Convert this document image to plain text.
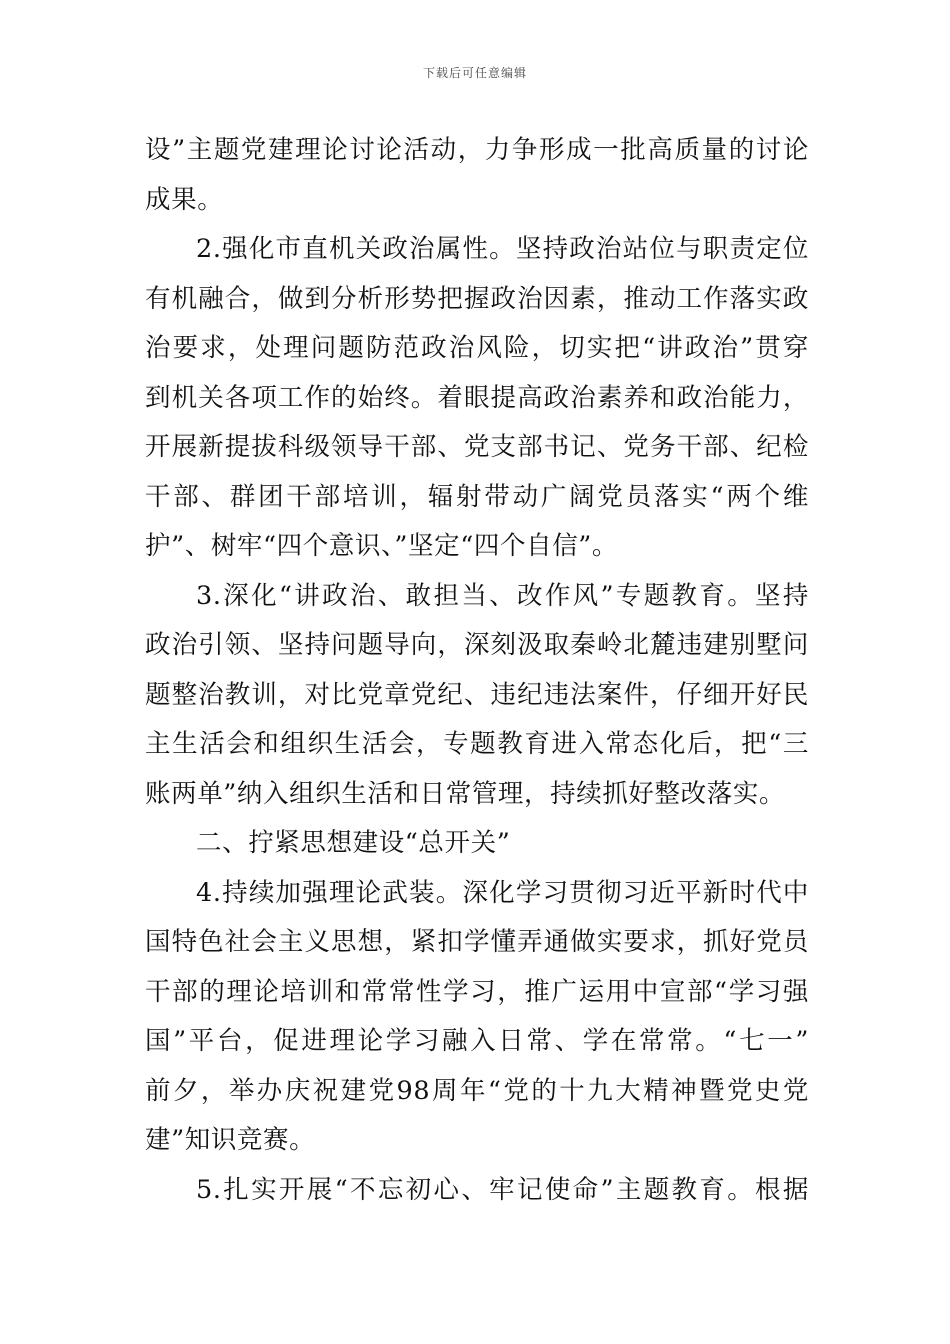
下载后可任意编辑
设”主题党建理论讨论活动，力争形成一批高质量的讨论
成果。
2.强化市直机关政治属性。坚持政治站位与职责定位
有机融合，做到分析形势把握政治因素，推动工作落实政
治要求，处理问题防范政治风险，切实把“讲政治”贯穿
到机关各项工作的始终。着眼提高政治素养和政治能力，
开展新提拔科级领导干部、党支部书记、党务干部、纪检
干部、群团干部培训，辐射带动广阔党员落实“两个维
护”、树牢“四个意识、”坚定“四个自信”。
3.深化“讲政治、敢担当、改作风”专题教育。坚持
政治引领、坚持问题导向，深刻汲取秦岭北麓违建别墅问
题整治教训，对比党章党纪、违纪违法案件，仔细开好民
主生活会和组织生活会，专题教育进入常态化后，把“三
账两单”纳入组织生活和日常管理，持续抓好整改落实。
二、拧紧思想建设“总开关”
4.持续加强理论武装。深化学习贯彻习近平新时代中
国特色社会主义思想，紧扣学懂弄通做实要求，抓好党员
干部的理论培训和常常性学习，推广运用中宣部“学习强
国”平台，促进理论学习融入日常、学在常常。“七一”
前夕，举办庆祝建党98周年“党的十九大精神暨党史党
建”知识竞赛。
5.扎实开展“不忘初心、牢记使命”主题教育。根据
